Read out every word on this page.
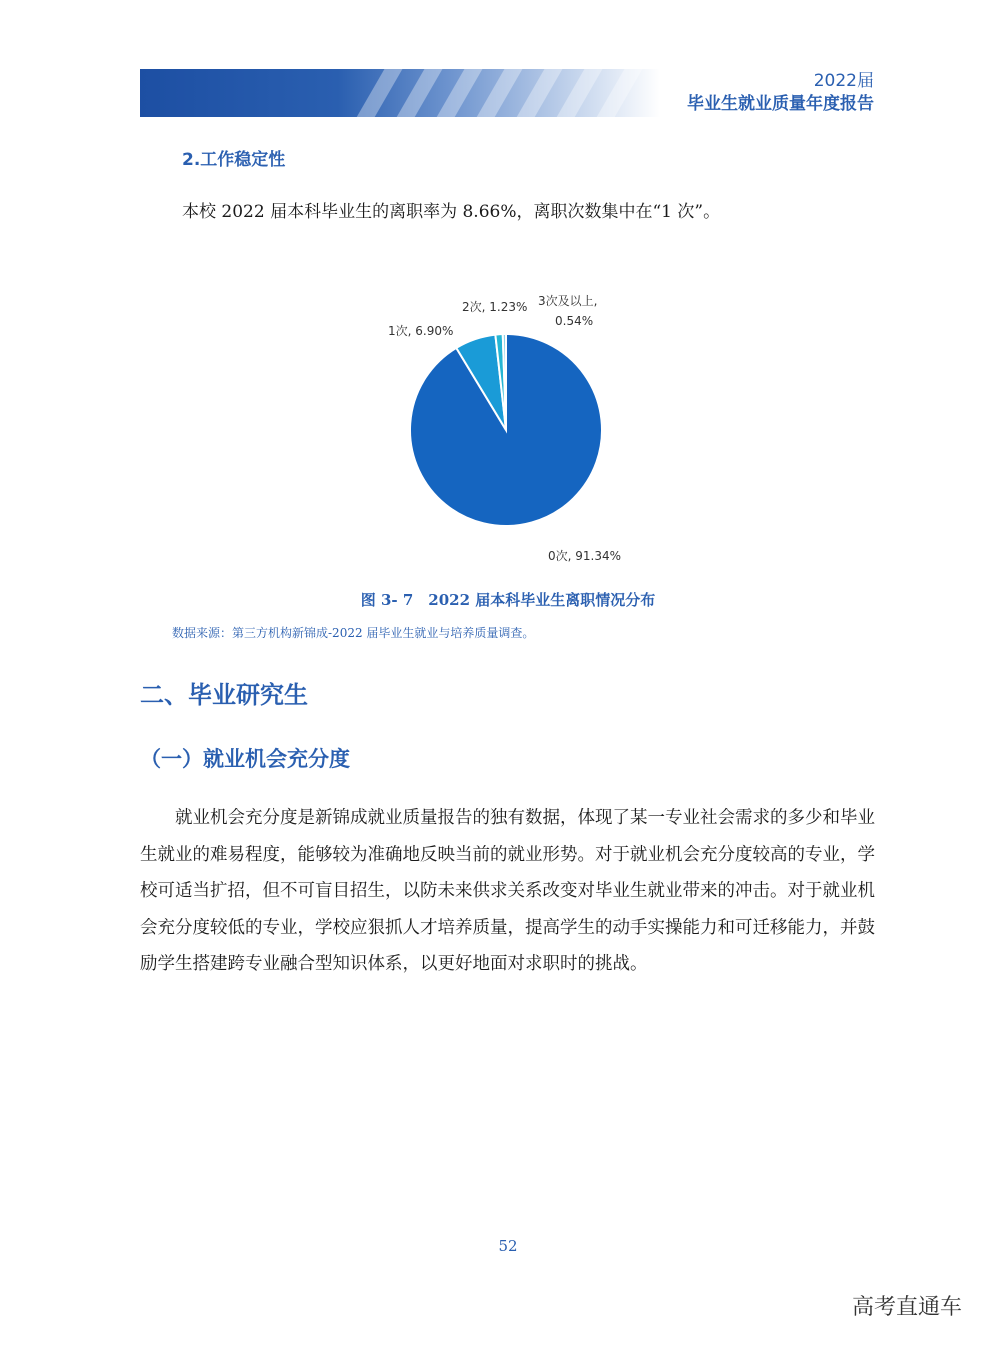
2022届
毕业生就业质量年度报告
2.工作稳定性
本校 2022 届本科毕业生的离职率为 8.66%，离职次数集中在“1 次”。
3次及以上,
0.54%
2次, 1.23%
1次, 6.90%
0次, 91.34%
图 3- 7　2022 届本科毕业生离职情况分布
数据来源：第三方机构新锦成-2022 届毕业生就业与培养质量调查。
二、毕业研究生
（一）就业机会充分度
就业机会充分度是新锦成就业质量报告的独有数据，体现了某一专业社会需求的多少和毕业生就业的难易程度，能够较为准确地反映当前的就业形势。对于就业机会充分度较高的专业，学校可适当扩招，但不可盲目招生，以防未来供求关系改变对毕业生就业带来的冲击。对于就业机会充分度较低的专业，学校应狠抓人才培养质量，提高学生的动手实操能力和可迁移能力，并鼓励学生搭建跨专业融合型知识体系，以更好地面对求职时的挑战。
52
高考直通车
